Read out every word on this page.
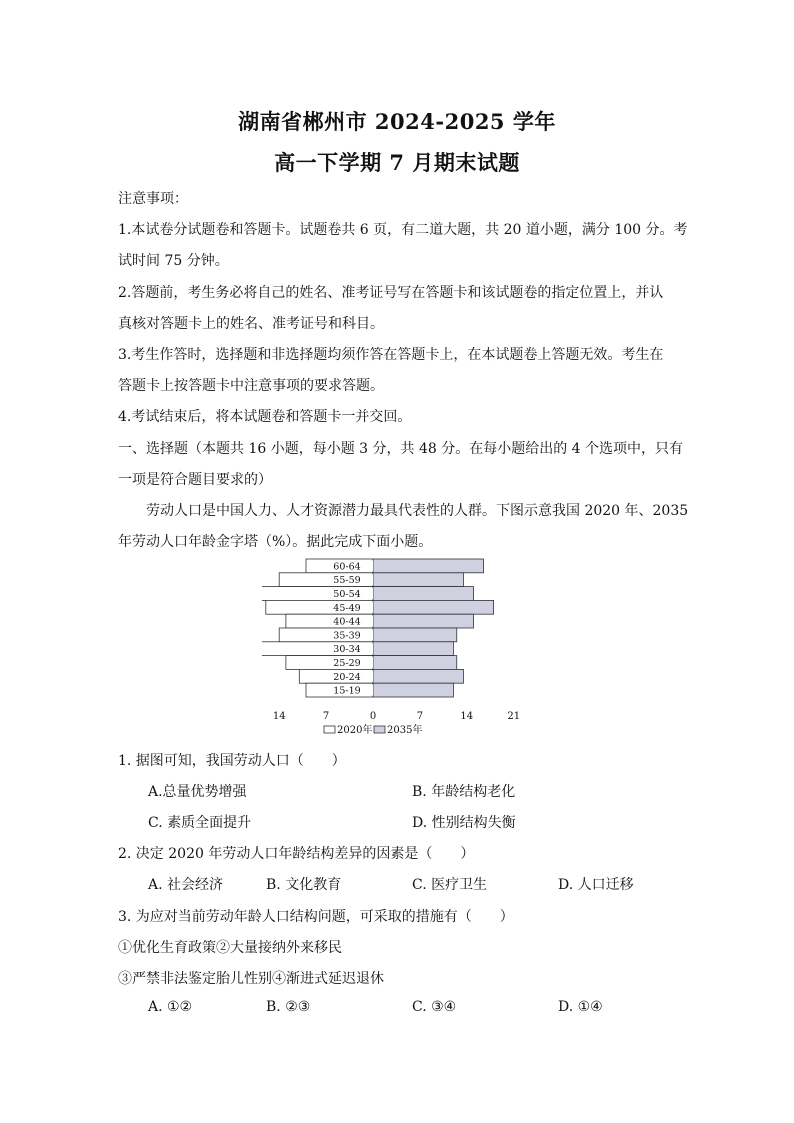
湖南省郴州市 2024-2025 学年
高一下学期 7 月期末试题
注意事项：
1.本试卷分试题卷和答题卡。试题卷共 6 页，有二道大题，共 20 道小题，满分 100 分。考
试时间 75 分钟。
2.答题前，考生务必将自己的姓名、准考证号写在答题卡和该试题卷的指定位置上，并认
真核对答题卡上的姓名、准考证号和科目。
3.考生作答时，选择题和非选择题均须作答在答题卡上，在本试题卷上答题无效。考生在
答题卡上按答题卡中注意事项的要求答题。
4.考试结束后，将本试题卷和答题卡一并交回。
一、选择题（本题共 16 小题，每小题 3 分，共 48 分。在每小题给出的 4 个选项中，只有
一项是符合题目要求的）
劳动人口是中国人力、人才资源潜力最具代表性的人群。下图示意我国 2020 年、2035
年劳动人口年龄金字塔（%）。据此完成下面小题。
60-64
55-59
50-54
45-49
40-44
35-39
30-34
25-29
20-24
15-19
14	7	0	7	14	21
2020年 2035年
1. 据图可知，我国劳动人口（　　）
A.总量优势增强	B. 年龄结构老化
C. 素质全面提升	D. 性别结构失衡
2. 决定 2020 年劳动人口年龄结构差异的因素是（　　）
A. 社会经济	B. 文化教育	C. 医疗卫生	D. 人口迁移
3. 为应对当前劳动年龄人口结构问题，可采取的措施有（　　）
①优化生育政策②大量接纳外来移民
③严禁非法鉴定胎儿性别④渐进式延迟退休
A. ①②	B. ②③	C. ③④	D. ①④
